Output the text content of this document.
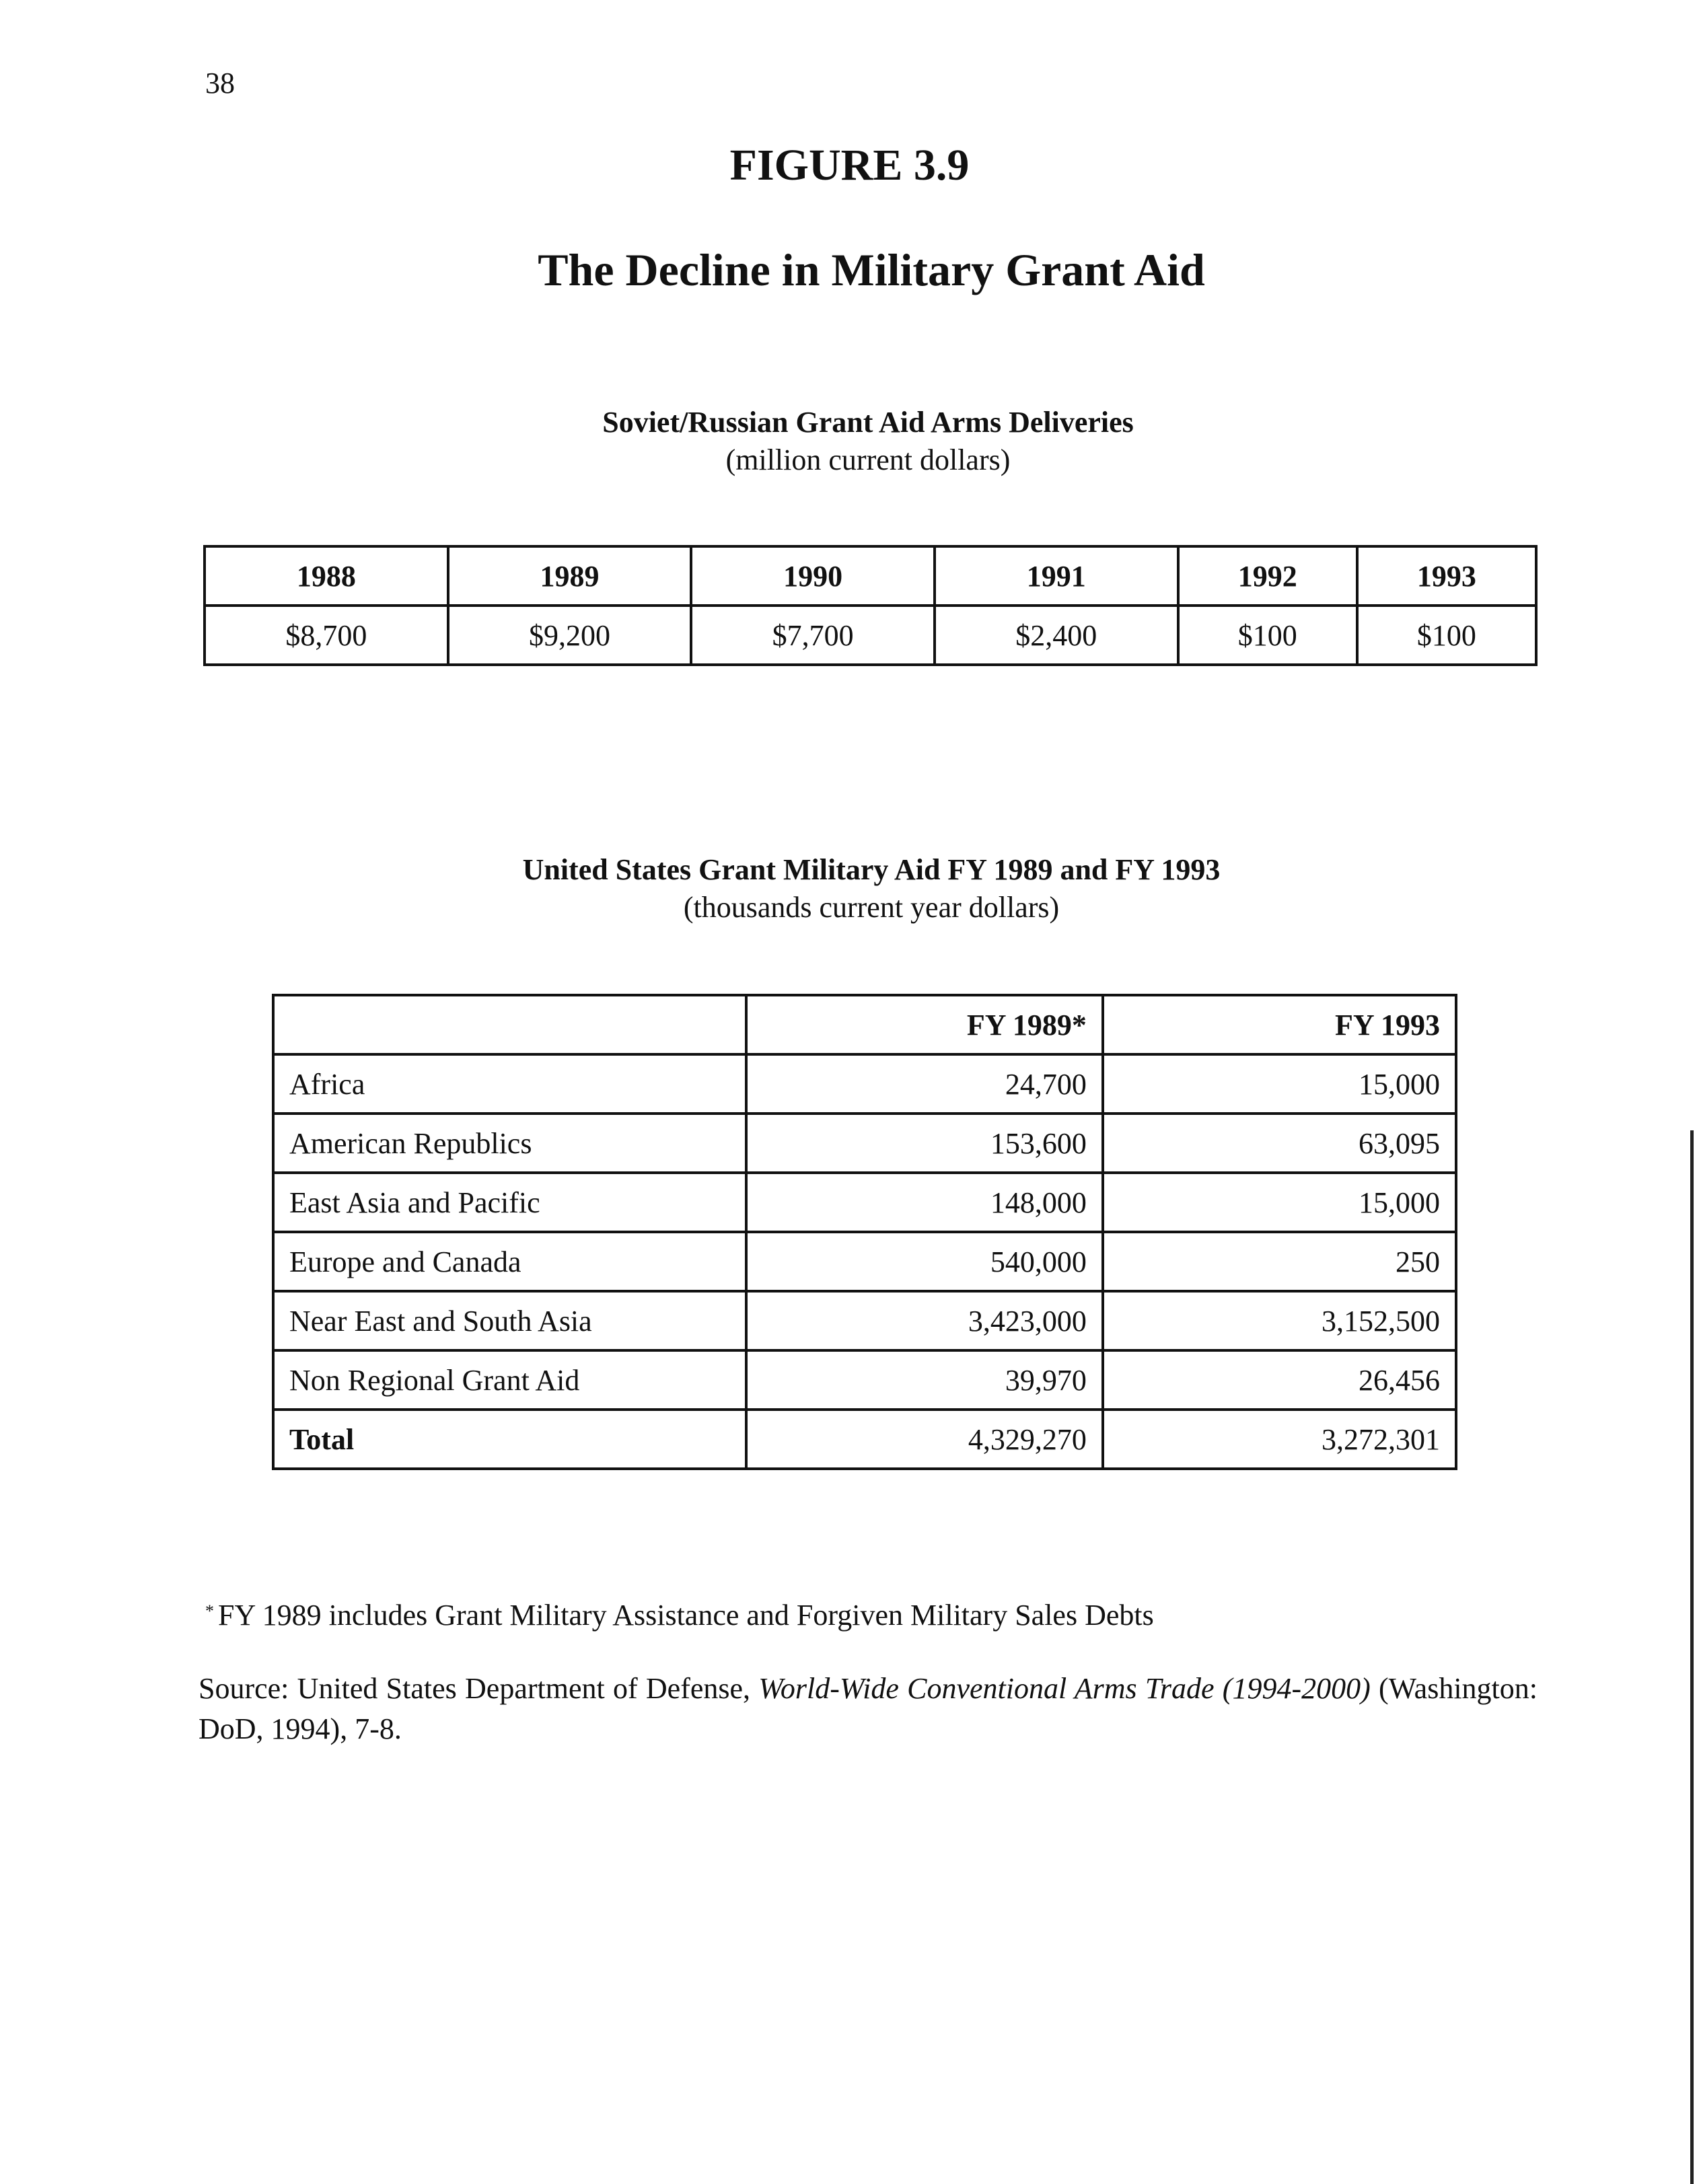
38
FIGURE 3.9
The Decline in Military Grant Aid
Soviet/Russian Grant Aid Arms Deliveries
(million current dollars)
1988	1989	1990	1991	1992	1993
$8,700	$9,200	$7,700	$2,400	$100	$100
United States Grant Military Aid FY 1989 and FY 1993
(thousands current year dollars)
	FY 1989*	FY 1993
Africa	24,700	15,000
American Republics	153,600	63,095
East Asia and Pacific	148,000	15,000
Europe and Canada	540,000	250
Near East and South Asia	3,423,000	3,152,500
Non Regional Grant Aid	39,970	26,456
Total	4,329,270	3,272,301
* FY 1989 includes Grant Military Assistance and Forgiven Military Sales Debts
Source: United States Department of Defense, World-Wide Conventional Arms Trade (1994-2000) (Washington: DoD, 1994), 7-8.
